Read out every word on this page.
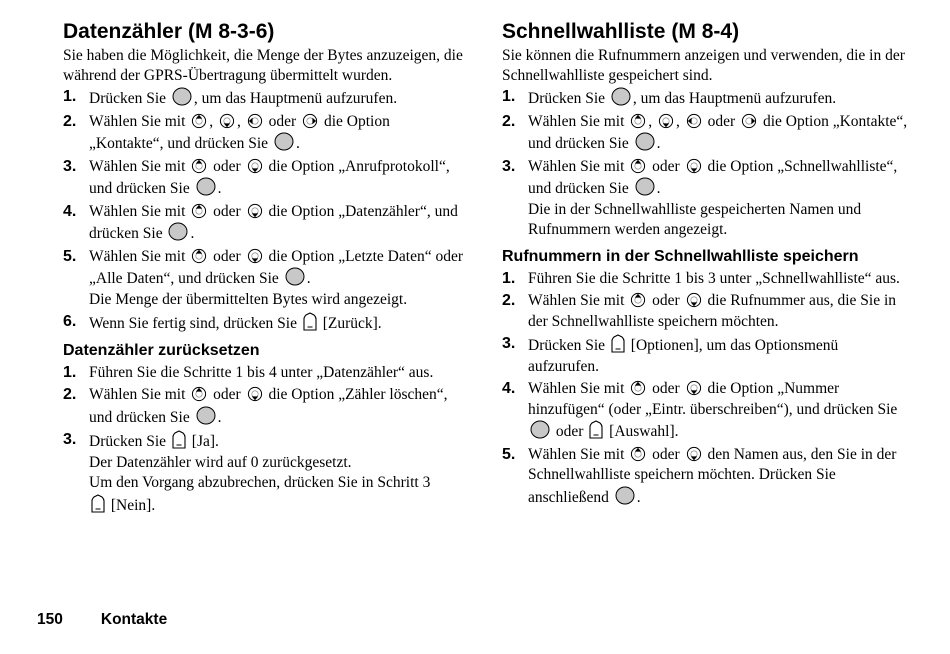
Datenzähler (M 8-3-6)

Sie haben die Möglichkeit, die Menge der Bytes anzuzeigen, die während der GPRS-Übertragung übermittelt wurden.

1. Drücken Sie , um das Hauptmenü aufzurufen.
2. Wählen Sie mit , , oder die Option „Kontakte“, und drücken Sie .
3. Wählen Sie mit oder die Option „Anrufprotokoll“, und drücken Sie .
4. Wählen Sie mit oder die Option „Datenzähler“, und drücken Sie .
5. Wählen Sie mit oder die Option „Letzte Daten“ oder „Alle Daten“, und drücken Sie .
Die Menge der übermittelten Bytes wird angezeigt.
6. Wenn Sie fertig sind, drücken Sie [Zurück].
Datenzähler zurücksetzen
1. Führen Sie die Schritte 1 bis 4 unter „Datenzähler“ aus.
2. Wählen Sie mit oder die Option „Zähler löschen“, und drücken Sie .
3. Drücken Sie [Ja].
Der Datenzähler wird auf 0 zurückgesetzt.
Um den Vorgang abzubrechen, drücken Sie in Schritt 3

[Nein].
Schnellwahlliste (M 8-4)

Sie können die Rufnummern anzeigen und verwenden, die in der Schnellwahlliste gespeichert sind.

1. Drücken Sie , um das Hauptmenü aufzurufen.
2. Wählen Sie mit , , oder die Option „Kontakte“, und drücken Sie .
3. Wählen Sie mit oder die Option „Schnellwahlliste“, und drücken Sie .
Die in der Schnellwahlliste gespeicherten Namen und Rufnummern werden angezeigt.
Rufnummern in der Schnellwahlliste speichern
1. Führen Sie die Schritte 1 bis 3 unter „Schnellwahlliste“ aus.
2. Wählen Sie mit oder die Rufnummer aus, die Sie in der Schnellwahlliste speichern möchten.
3. Drücken Sie [Optionen], um das Optionsmenü aufzurufen.
4. Wählen Sie mit oder die Option „Nummer hinzufügen“ (oder „Eintr. überschreiben“), und drücken Sie
oder [Auswahl].
5. Wählen Sie mit oder den Namen aus, den Sie in der Schnellwahlliste speichern möchten. Drücken Sie anschließend .
150 Kontakte
